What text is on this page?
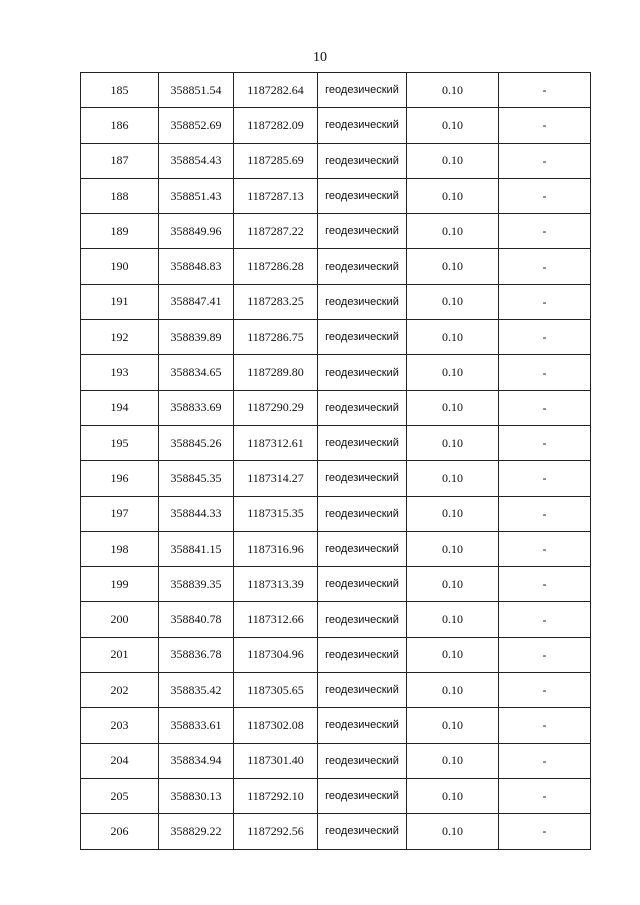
10
185	358851.54	1187282.64	геодезический	0.10	-
186	358852.69	1187282.09	геодезический	0.10	-
187	358854.43	1187285.69	геодезический	0.10	-
188	358851.43	1187287.13	геодезический	0.10	-
189	358849.96	1187287.22	геодезический	0.10	-
190	358848.83	1187286.28	геодезический	0.10	-
191	358847.41	1187283.25	геодезический	0.10	-
192	358839.89	1187286.75	геодезический	0.10	-
193	358834.65	1187289.80	геодезический	0.10	-
194	358833.69	1187290.29	геодезический	0.10	-
195	358845.26	1187312.61	геодезический	0.10	-
196	358845.35	1187314.27	геодезический	0.10	-
197	358844.33	1187315.35	геодезический	0.10	-
198	358841.15	1187316.96	геодезический	0.10	-
199	358839.35	1187313.39	геодезический	0.10	-
200	358840.78	1187312.66	геодезический	0.10	-
201	358836.78	1187304.96	геодезический	0.10	-
202	358835.42	1187305.65	геодезический	0.10	-
203	358833.61	1187302.08	геодезический	0.10	-
204	358834.94	1187301.40	геодезический	0.10	-
205	358830.13	1187292.10	геодезический	0.10	-
206	358829.22	1187292.56	геодезический	0.10	-
